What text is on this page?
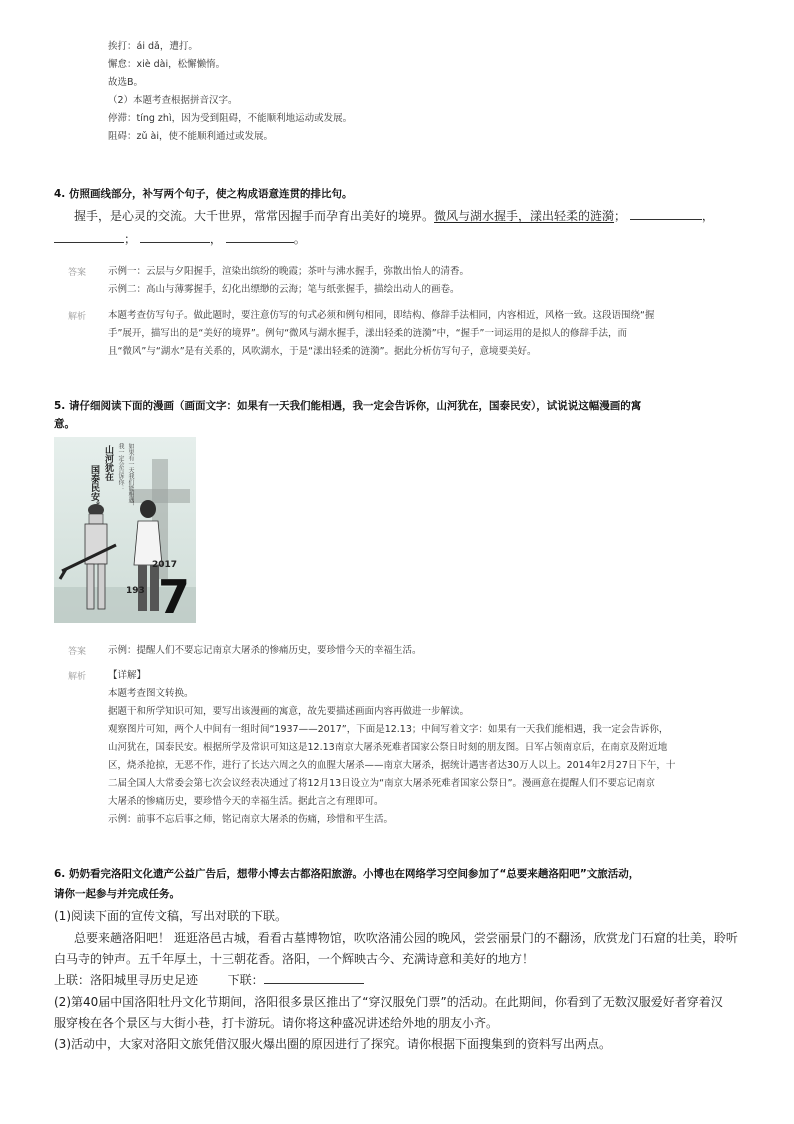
挨打：ái dǎ，遭打。
懈怠：xiè dài，松懈懒惰。
故选B。
（2）本题考查根据拼音汉字。
停滞：tíng zhì，因为受到阻碍，不能顺利地运动或发展。
阻碍：zǔ ài，使不能顺利通过或发展。
4. 仿照画线部分，补写两个句子，使之构成语意连贯的排比句。
握手，是心灵的交流。大千世界，常常因握手而孕育出美好的境界。微风与湖水握手，漾出轻柔的涟漪；	，
；	，	。
答案 示例一：云层与夕阳握手，渲染出缤纷的晚霞；茶叶与沸水握手，弥散出怡人的清香。
示例二：高山与薄雾握手，幻化出缥缈的云海；笔与纸张握手，描绘出动人的画卷。
解析 本题考查仿写句子。做此题时，要注意仿写的句式必须和例句相同，即结构、修辞手法相同，内容相近，风格一致。这段语围绕“握
手”展开，描写出的是“美好的境界”。例句“微风与湖水握手，漾出轻柔的涟漪”中，“握手”一词运用的是拟人的修辞手法，而
且“微风”与“湖水”是有关系的，风吹湖水，于是“漾出轻柔的涟漪”。据此分析仿写句子，意境要美好。
5. 请仔细阅读下面的漫画（画面文字：如果有一天我们能相遇，我一定会告诉你，山河犹在，国泰民安），试说说这幅漫画的寓
意。
193
2017
7
如果有一天我们能相遇，
我一定会告诉你：
山河犹在
国泰民安。
答案 示例：提醒人们不要忘记南京大屠杀的惨痛历史，要珍惜今天的幸福生活。
解析 【详解】
本题考查图文转换。
据题干和所学知识可知，要写出该漫画的寓意，故先要描述画面内容再做进一步解读。
观察图片可知，两个人中间有一组时间“1937——2017”，下面是12.13；中间写着文字：如果有一天我们能相遇，我一定会告诉你，
山河犹在，国泰民安。根据所学及常识可知这是12.13南京大屠杀死难者国家公祭日时刻的朋友图。日军占领南京后，在南京及附近地
区，烧杀抢掠，无恶不作，进行了长达六周之久的血腥大屠杀——南京大屠杀，据统计遇害者达30万人以上。2014年2月27日下午，十
二届全国人大常委会第七次会议经表决通过了将12月13日设立为“南京大屠杀死难者国家公祭日”。漫画意在提醒人们不要忘记南京
大屠杀的惨痛历史，要珍惜今天的幸福生活。据此言之有理即可。
示例：前事不忘后事之师，铭记南京大屠杀的伤痛，珍惜和平生活。
6. 奶奶看完洛阳文化遗产公益广告后，想带小博去古都洛阳旅游。小博也在网络学习空间参加了“总要来趟洛阳吧”文旅活动，
请你一起参与并完成任务。
(1)阅读下面的宣传文稿，写出对联的下联。
总要来趟洛阳吧！ 逛逛洛邑古城，看看古墓博物馆，吹吹洛浦公园的晚风，尝尝丽景门的不翻汤，欣赏龙门石窟的壮美，聆听
白马寺的钟声。五千年厚土，十三朝花香。洛阳，一个辉映古今、充满诗意和美好的地方！
上联：洛阳城里寻历史足迹 下联：
(2)第40届中国洛阳牡丹文化节期间，洛阳很多景区推出了“穿汉服免门票”的活动。在此期间，你看到了无数汉服爱好者穿着汉
服穿梭在各个景区与大街小巷，打卡游玩。请你将这种盛况讲述给外地的朋友小齐。
(3)活动中，大家对洛阳文旅凭借汉服火爆出圈的原因进行了探究。请你根据下面搜集到的资料写出两点。
